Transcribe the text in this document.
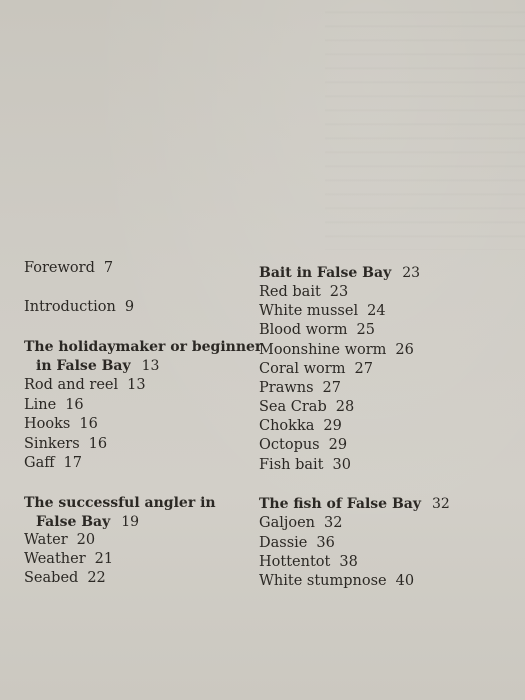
Foreword 7
Introduction 9
The holidaymaker or beginner
in False Bay 13
Rod and reel 13
Line 16
Hooks 16
Sinkers 16
Gaff 17
The successful angler in
False Bay 19
Water 20
Weather 21
Seabed 22
Bait in False Bay 23
Red bait 23
White mussel 24
Blood worm 25
Moonshine worm 26
Coral worm 27
Prawns 27
Sea Crab 28
Chokka 29
Octopus 29
Fish bait 30
The fish of False Bay 32
Galjoen 32
Dassie 36
Hottentot 38
White stumpnose 40
